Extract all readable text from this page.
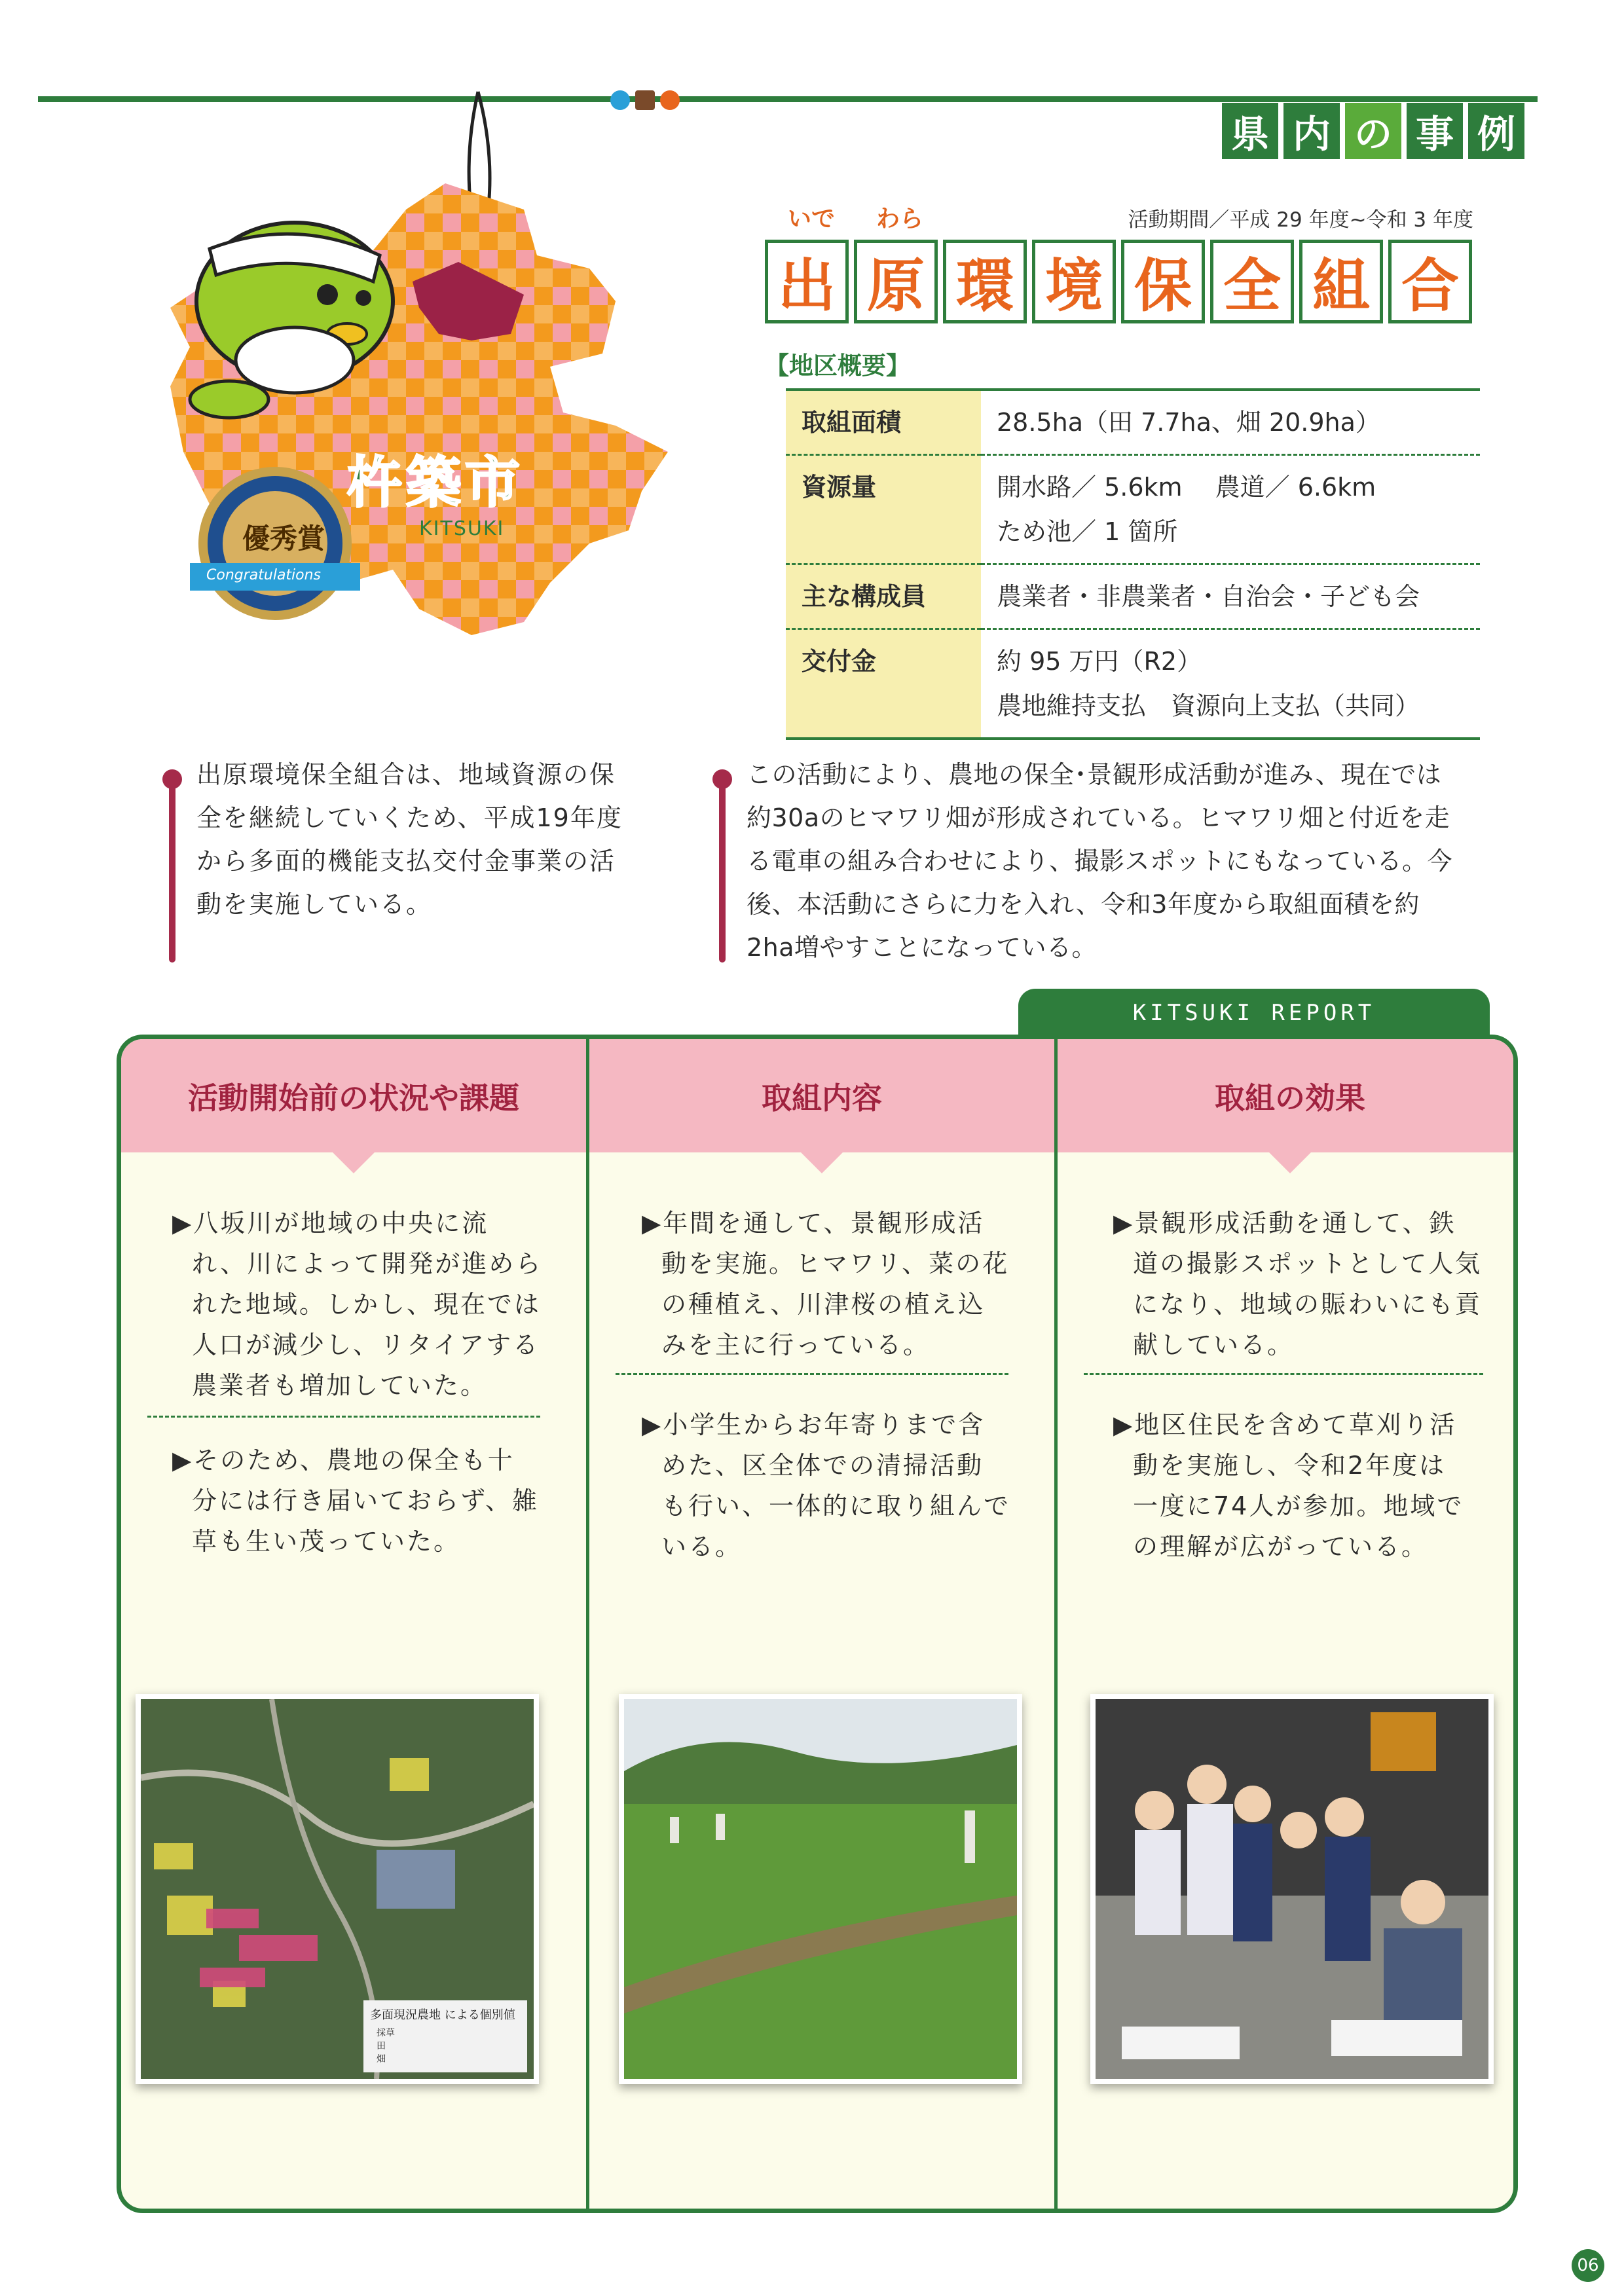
県 内 の 事 例
杵築市
KITSUKI
優秀賞
Congratulations
いで わら	活動期間／平成 29 年度~令和 3 年度
出 原 環 境 保 全 組 合
【地区概要】
取組面積	28.5ha（田 7.7ha、畑 20.9ha）

資源量	開水路／ 5.6km　 農道／ 6.6km
ため池／ 1 箇所

主な構成員	農業者・非農業者・自治会・子ども会

交付金	約 95 万円（R2）
農地維持支払　資源向上支払（共同）
出原環境保全組合は、地域資源の保
全を継続していくため、平成19年度
から多面的機能支払交付金事業の活
動を実施している。
この活動により、農地の保全･景観形成活動が進み、現在では
約30aのヒマワリ畑が形成されている。ヒマワリ畑と付近を走
る電車の組み合わせにより、撮影スポットにもなっている。今
後、本活動にさらに力を入れ、令和3年度から取組面積を約
2ha増やすことになっている。
KITSUKI REPORT
活動開始前の状況や課題
▶八坂川が地域の中央に流
れ、川によって開発が進めら
れた地域。しかし、現在では
人口が減少し、リタイアする
農業者も増加していた。
▶そのため、農地の保全も十
分には行き届いておらず、雑
草も生い茂っていた。
多面現況農地 による個別値
採草
田
畑
取組内容
▶年間を通して、景観形成活
動を実施。ヒマワリ、菜の花
の種植え、川津桜の植え込
みを主に行っている。
▶小学生からお年寄りまで含
めた、区全体での清掃活動
も行い、一体的に取り組んで
いる。
取組の効果
▶景観形成活動を通して、鉄
道の撮影スポットとして人気
になり、地域の賑わいにも貢
献している。
▶地区住民を含めて草刈り活
動を実施し、令和2年度は
一度に74人が参加。地域で
の理解が広がっている。
06
